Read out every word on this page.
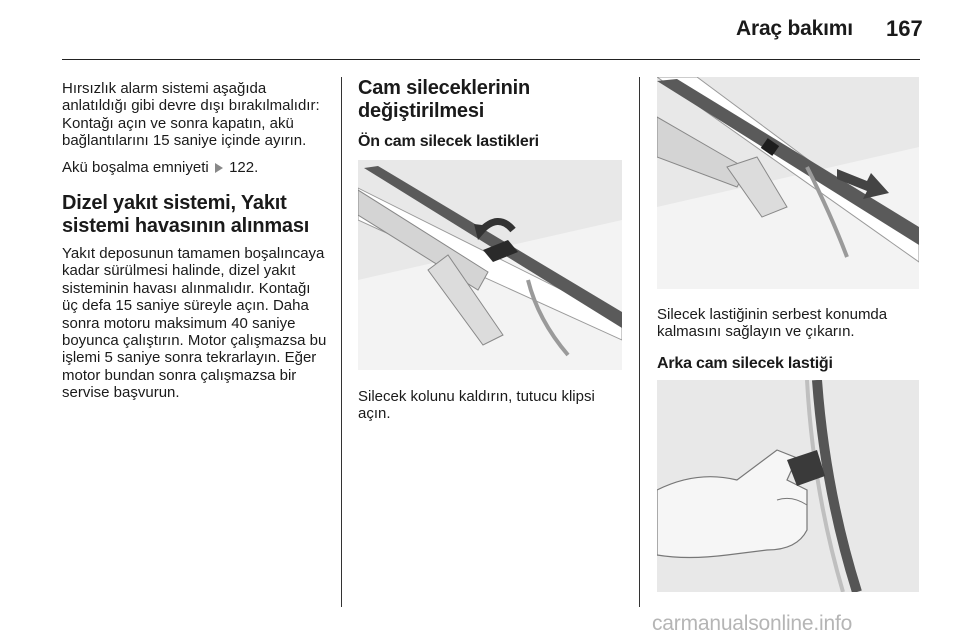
Araç bakımı 167

Hırsızlık alarm sistemi aşağıda anlatıldığı gibi devre dışı bırakılmalıdır: Kontağı açın ve sonra kapatın, akü bağlantılarını 15 saniye içinde ayırın.

Akü boşalma emniyeti 122.

Dizel yakıt sistemi, Yakıt sistemi havasının alınması

Yakıt deposunun tamamen boşalıncaya kadar sürülmesi halinde, dizel yakıt sisteminin havası alınmalıdır. Kontağı üç defa 15 saniye süreyle açın. Daha sonra motoru maksimum 40 saniye boyunca çalıştırın. Motor çalışmazsa bu işlemi 5 saniye sonra tekrarlayın. Eğer motor bundan sonra çalışmazsa bir servise başvurun.

Cam sileceklerinin değiştirilmesi
Ön cam silecek lastikleri

Silecek kolunu kaldırın, tutucu klipsi açın.

Silecek lastiğinin serbest konumda kalmasını sağlayın ve çıkarın.

Arka cam silecek lastiği
carmanualsonline.info
